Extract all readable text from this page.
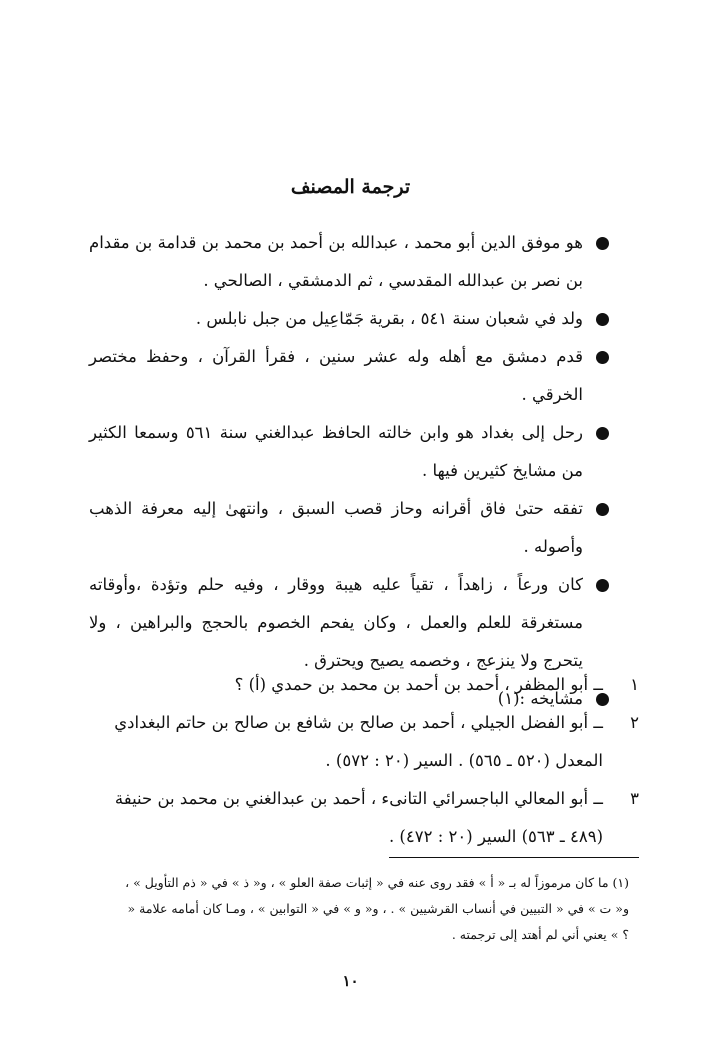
ترجمة المصنف
هو موفق الدين أبو محمد ، عبدالله بن أحمد بن محمد بن قدامة بن مقدام بن نصر بن عبدالله المقدسي ، ثم الدمشقي ، الصالحي .
ولد في شعبان سنة ٥٤١ ، بقرية جَمّاعِيل من جبل نابلس .
قدم دمشق مع أهله وله عشر سنين ، فقرأ القرآن ، وحفظ مختصر الخرقي .
رحل إلى بغداد هو وابن خالته الحافظ عبدالغني سنة ٥٦١ وسمعا الكثير من مشايخ كثيرين فيها .
تفقه حتىٰ فاق أقرانه وحاز قصب السبق ، وانتهىٰ إليه معرفة الذهب وأصوله .
كان ورعاً ، زاهداً ، تقياً عليه هيبة ووقار ، وفيه حلم وتؤدة ،وأوقاته مستغرقة للعلم والعمل ، وكان يفحم الخصوم بالحجج والبراهين ، ولا يتحرج ولا ينزعج ، وخصمه يصيح ويحترق .
مشايخه :(١)
١
ــ أبو المظفر ، أحمد بن أحمد بن محمد بن حمدي (أ) ؟
٢
ــ أبو الفضل الجيلي ، أحمد بن صالح بن شافع بن صالح بن حاتم البغدادي المعدل (٥٢٠ ـ ٥٦٥) . السير (٢٠ : ٥٧٢) .
٣
ــ أبو المعالي الباجسرائي التانىء ، أحمد بن عبدالغني بن محمد بن حنيفة (٤٨٩ ـ ٥٦٣) السير (٢٠ : ٤٧٢) .

(١) ما كان مرموزاً له بـ « أ » فقد روى عنه في « إثبات صفة العلو » ، و« ذ » في « ذم التأويل » ، و« ت » في « التبيين في أنساب القرشيين » . ، و« و » في « التوابين » ، ومـا كان أمامه علامة « ؟ » يعني أني لم أهتد إلى ترجمته .

١٠
